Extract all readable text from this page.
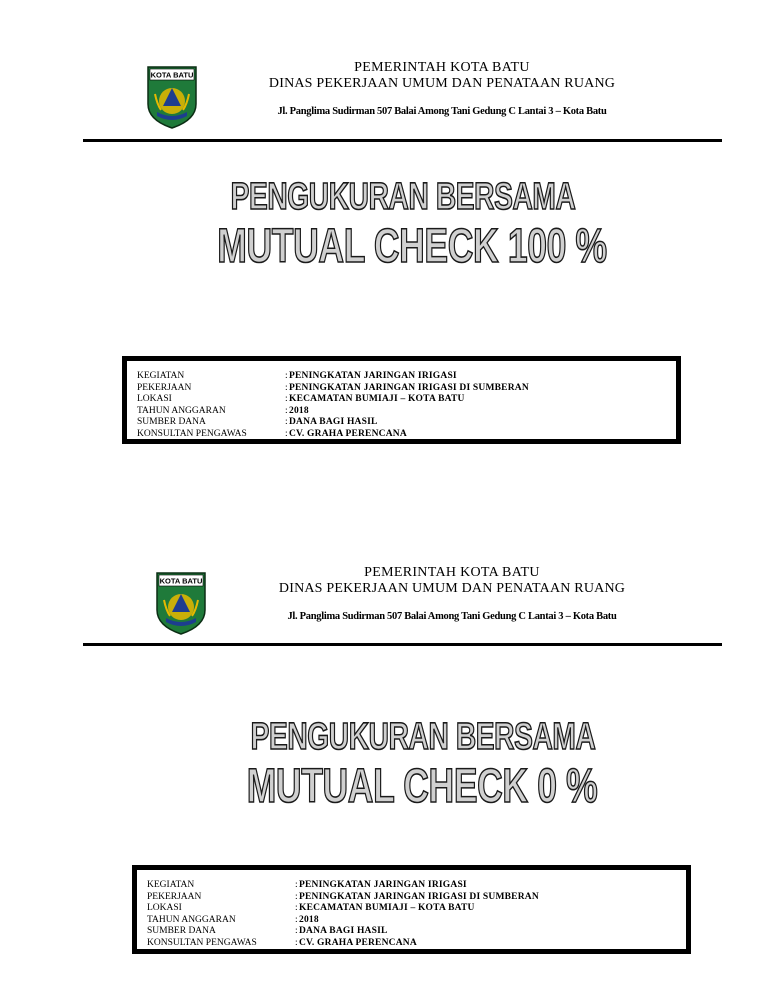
KOTA BATU	PEMERINTAH KOTA BATU
DINAS PEKERJAAN UMUM DAN PENATAAN RUANG
Jl. Panglima Sudirman 507 Balai Among Tani Gedung C Lantai 3 – Kota Batu
PENGUKURAN BERSAMA
MUTUAL CHECK 100 %
KEGIATAN	: PENINGKATAN JARINGAN IRIGASI
PEKERJAAN	: PENINGKATAN JARINGAN IRIGASI DI SUMBERAN
LOKASI	: KECAMATAN BUMIAJI – KOTA BATU
TAHUN ANGGARAN	: 2018
SUMBER DANA	: DANA BAGI HASIL
KONSULTAN PENGAWAS	: CV. GRAHA PERENCANA
KOTA BATU
PEMERINTAH KOTA BATU
DINAS PEKERJAAN UMUM DAN PENATAAN RUANG
Jl. Panglima Sudirman 507 Balai Among Tani Gedung C Lantai 3 – Kota Batu
PENGUKURAN BERSAMA
MUTUAL CHECK 0 %
KEGIATAN	: PENINGKATAN JARINGAN IRIGASI
PEKERJAAN	: PENINGKATAN JARINGAN IRIGASI DI SUMBERAN
LOKASI	: KECAMATAN BUMIAJI – KOTA BATU
TAHUN ANGGARAN	: 2018
SUMBER DANA	: DANA BAGI HASIL
KONSULTAN PENGAWAS	: CV. GRAHA PERENCANA
